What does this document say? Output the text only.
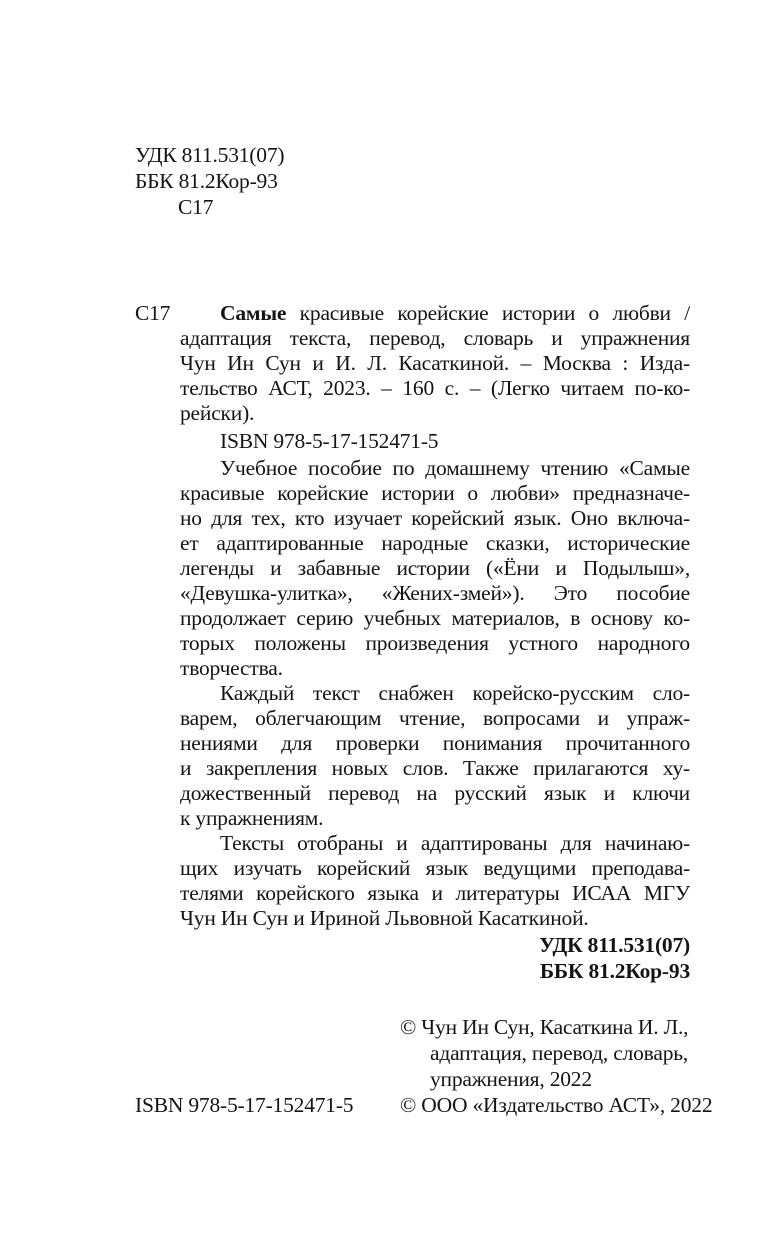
УДК 811.531(07)
ББК 81.2Кор-93
С17
С17 Самые красивые корейские истории о любви /
адаптация текста, перевод, словарь и упражнения
Чун Ин Сун и И. Л. Касаткиной. – Москва : Изда-
тельство АСТ, 2023. – 160 с. – (Легко читаем по-ко-
рейски).
ISBN 978-5-17-152471-5
Учебное пособие по домашнему чтению «Самые
красивые корейские истории о любви» предназначе-
но для тех, кто изучает корейский язык. Оно включа-
ет адаптированные народные сказки, исторические
легенды и забавные истории («Ёни и Подылыш»,
«Девушка-улитка», «Жених-змей»). Это пособие
продолжает серию учебных материалов, в основу ко-
торых положены произведения устного народного
творчества.
Каждый текст снабжен корейско-русским сло-
варем, облегчающим чтение, вопросами и упраж-
нениями для проверки понимания прочитанного
и закрепления новых слов. Также прилагаются ху-
дожественный перевод на русский язык и ключи
к упражнениям.
Тексты отобраны и адаптированы для начинаю-
щих изучать корейский язык ведущими преподава-
телями корейского языка и литературы ИСАА МГУ
Чун Ин Сун и Ириной Львовной Касаткиной.
УДК 811.531(07)
ББК 81.2Кор-93
© Чун Ин Сун, Касаткина И. Л.,
адаптация, перевод, словарь,
упражнения, 2022
ISBN 978-5-17-152471-5 © ООО «Издательство АСТ», 2022
